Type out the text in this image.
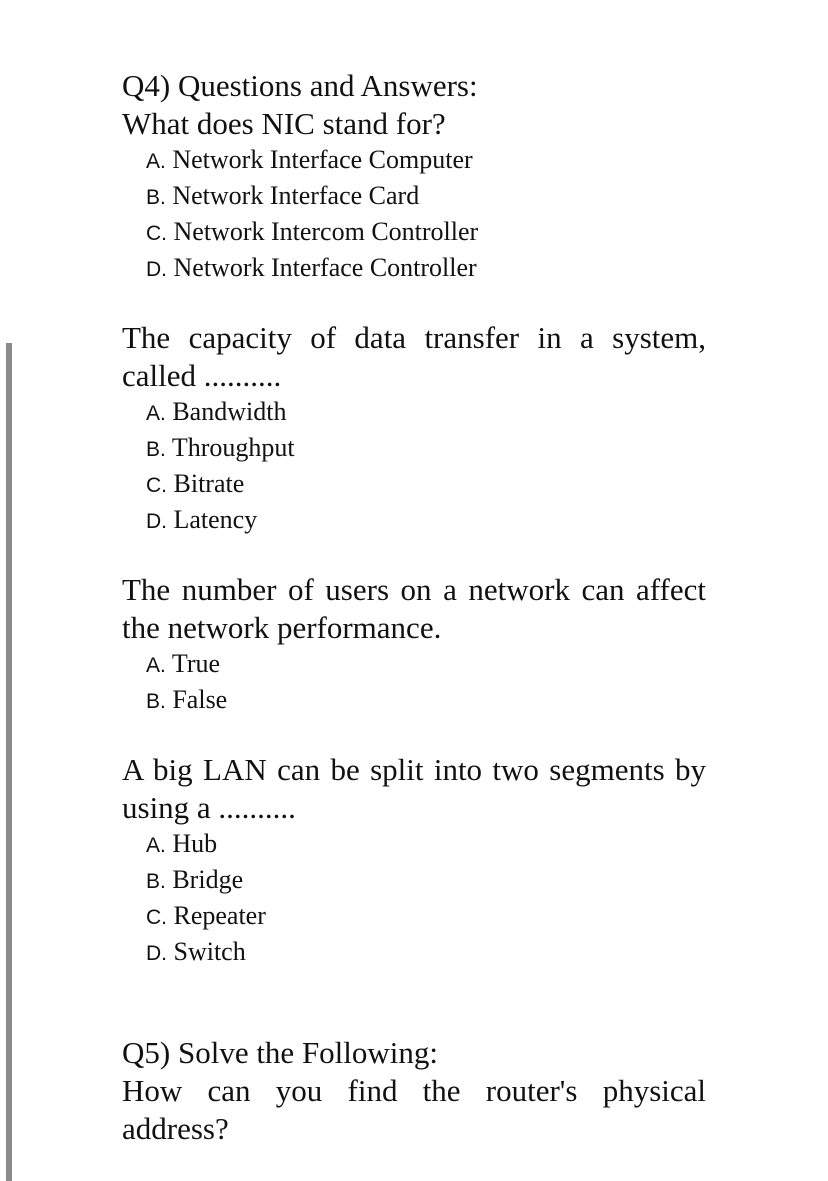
Q4) Questions and Answers:

What does NIC stand for?

A. Network Interface Computer
B. Network Interface Card
C. Network Intercom Controller
D. Network Interface Controller

The capacity of data transfer in a system, called ..........

A. Bandwidth
B. Throughput
C. Bitrate
D. Latency

The number of users on a network can affect the network performance.

A. True
B. False

A big LAN can be split into two segments by using a ..........

A. Hub
B. Bridge
C. Repeater
D. Switch

Q5) Solve the Following:

How can you find the router's physical address?
